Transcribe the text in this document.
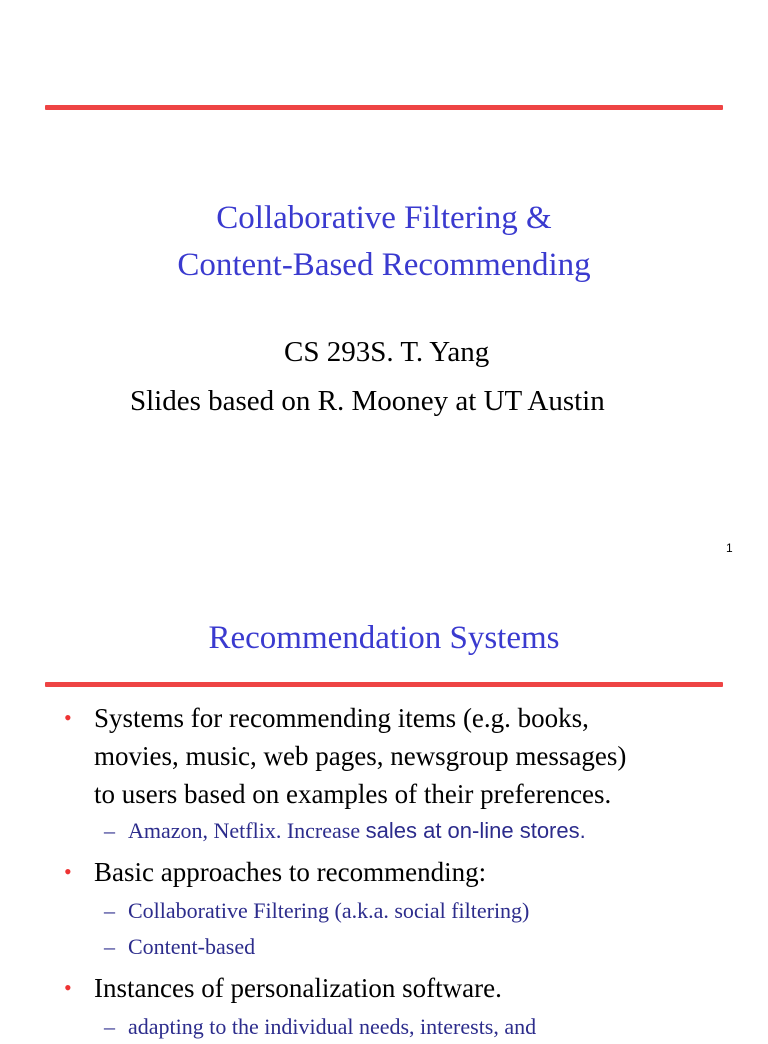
Collaborative Filtering &
Content-Based Recommending
CS 293S. T. Yang
Slides based on R. Mooney at UT Austin
1
Recommendation Systems
• Systems for recommending items (e.g. books,
movies, music, web pages, newsgroup messages)
to users based on examples of their preferences.
– Amazon, Netflix. Increase sales at on-line stores.
• Basic approaches to recommending:
– Collaborative Filtering (a.k.a. social filtering)
– Content-based
• Instances of personalization software.
– adapting to the individual needs, interests, and
